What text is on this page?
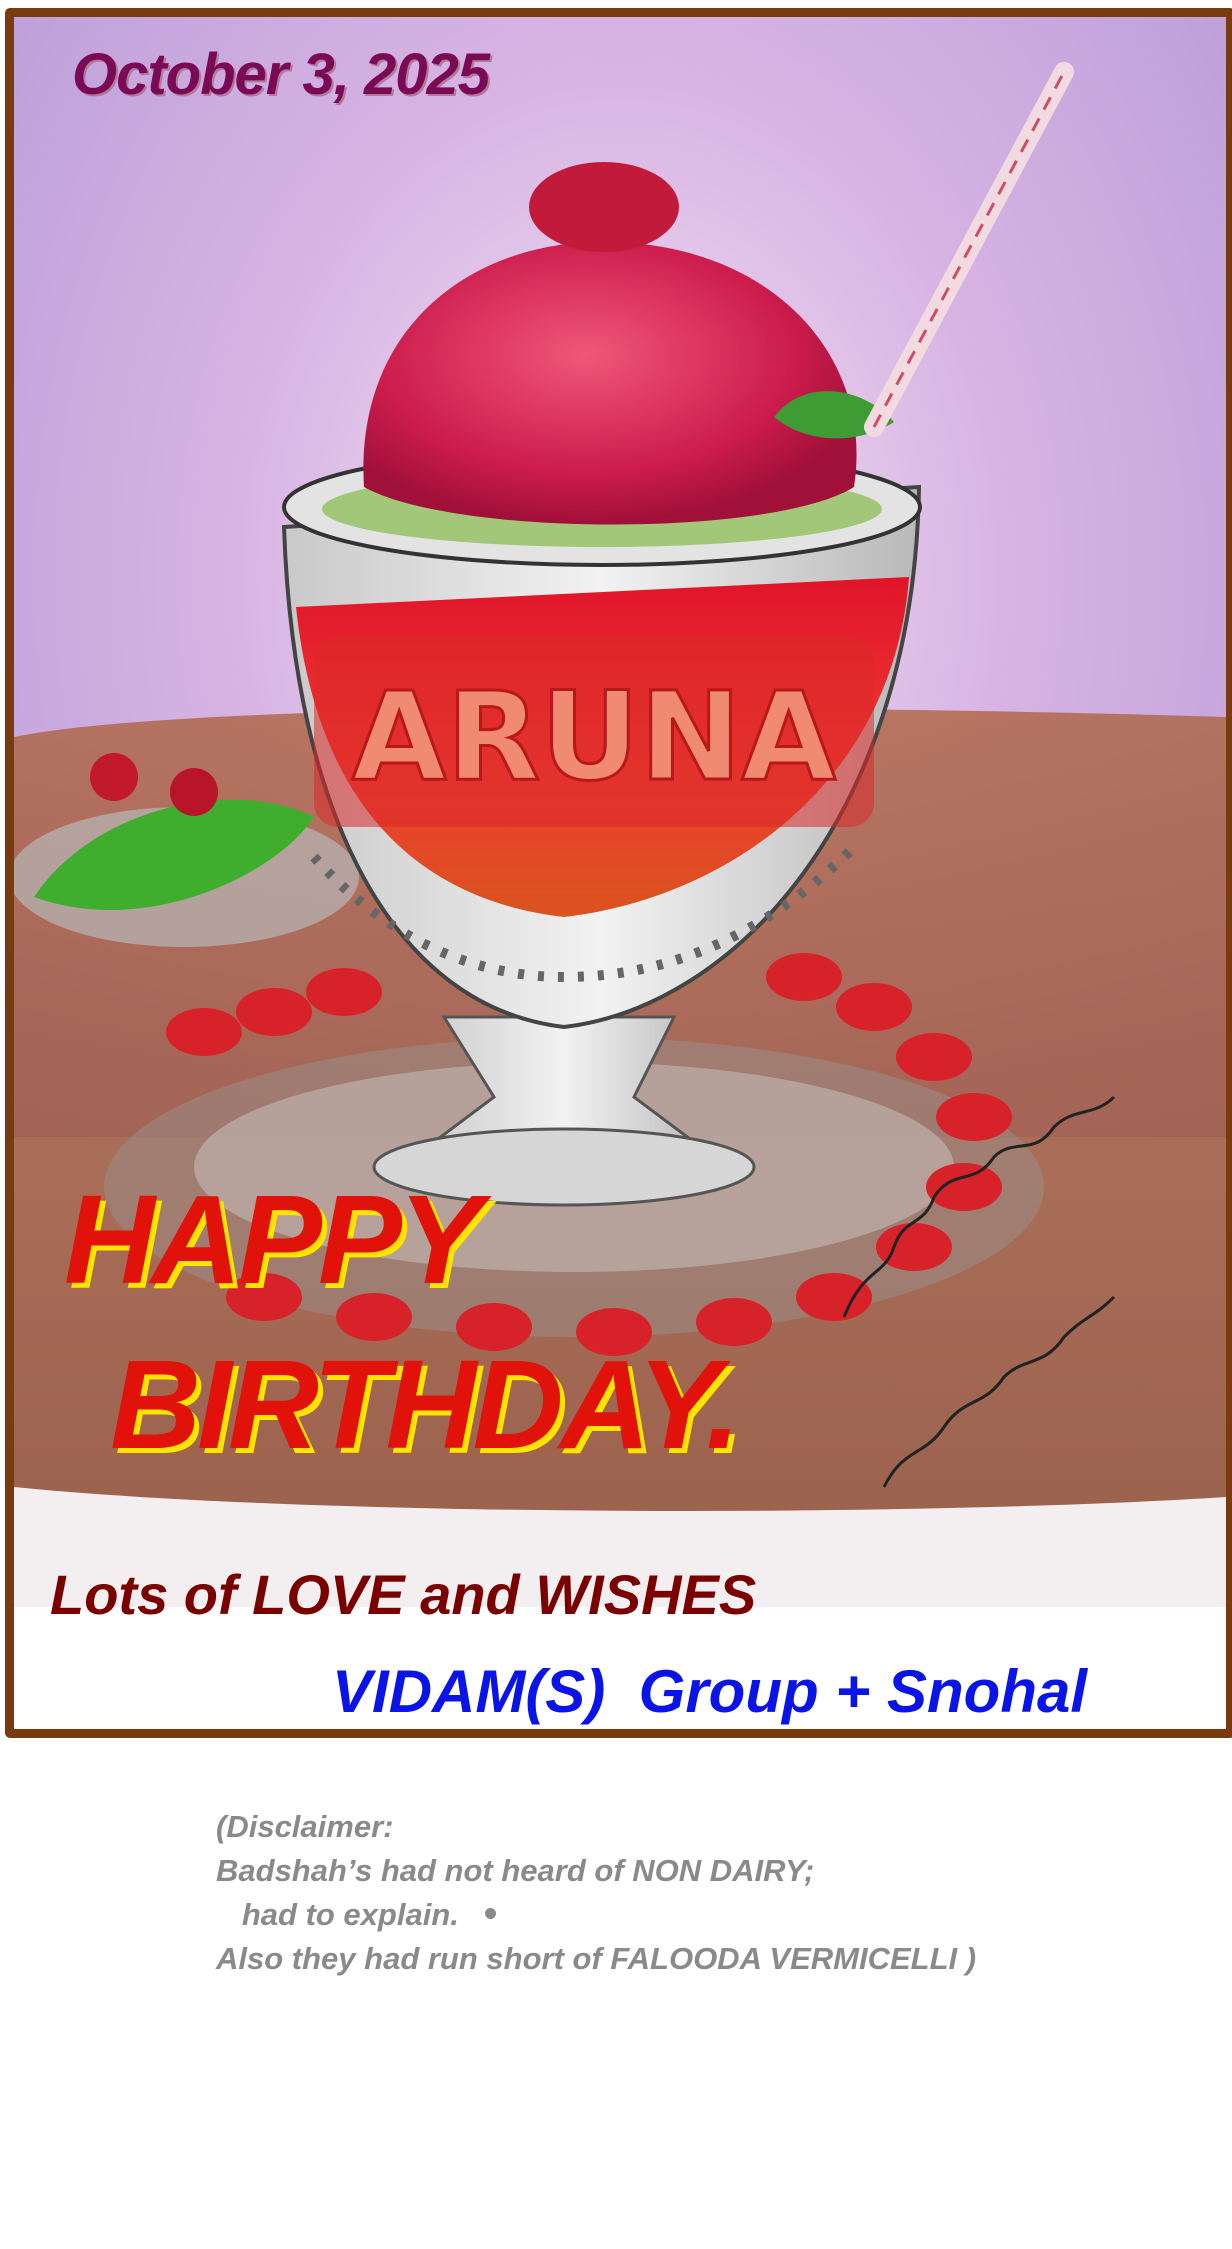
ARUNA
October 3, 2025
HAPPY
BIRTHDAY.
Lots of LOVE and WISHES
VIDAM(S)  Group + Snohal
(Disclaimer:
Badshah’s had not heard of NON DAIRY;
had to explain.
Also they had run short of FALOODA VERMICELLI )
